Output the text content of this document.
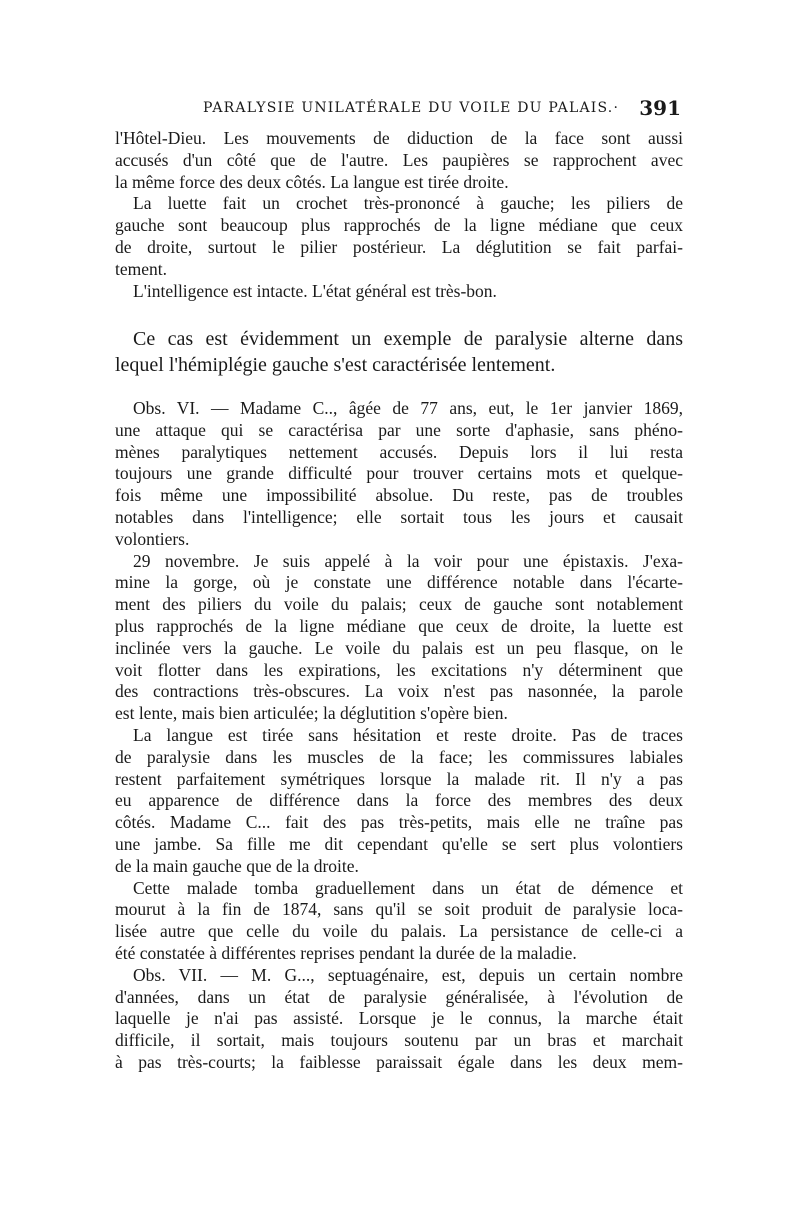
PARALYSIE UNILATÉRALE DU VOILE DU PALAIS.· 391
l'Hôtel-Dieu. Les mouvements de diduction de la face sont aussi
accusés d'un côté que de l'autre. Les paupières se rapprochent avec
la même force des deux côtés. La langue est tirée droite.
La luette fait un crochet très-prononcé à gauche; les piliers de
gauche sont beaucoup plus rapprochés de la ligne médiane que ceux
de droite, surtout le pilier postérieur. La déglutition se fait parfai-
tement.
L'intelligence est intacte. L'état général est très-bon.
Ce cas est évidemment un exemple de paralysie alterne dans
lequel l'hémiplégie gauche s'est caractérisée lentement.
Obs. VI. — Madame C.., âgée de 77 ans, eut, le 1er janvier 1869,
une attaque qui se caractérisa par une sorte d'aphasie, sans phéno-
mènes paralytiques nettement accusés. Depuis lors il lui resta
toujours une grande difficulté pour trouver certains mots et quelque-
fois même une impossibilité absolue. Du reste, pas de troubles
notables dans l'intelligence; elle sortait tous les jours et causait
volontiers.
29 novembre. Je suis appelé à la voir pour une épistaxis. J'exa-
mine la gorge, où je constate une différence notable dans l'écarte-
ment des piliers du voile du palais; ceux de gauche sont notablement
plus rapprochés de la ligne médiane que ceux de droite, la luette est
inclinée vers la gauche. Le voile du palais est un peu flasque, on le
voit flotter dans les expirations, les excitations n'y déterminent que
des contractions très-obscures. La voix n'est pas nasonnée, la parole
est lente, mais bien articulée; la déglutition s'opère bien.
La langue est tirée sans hésitation et reste droite. Pas de traces
de paralysie dans les muscles de la face; les commissures labiales
restent parfaitement symétriques lorsque la malade rit. Il n'y a pas
eu apparence de différence dans la force des membres des deux
côtés. Madame C... fait des pas très-petits, mais elle ne traîne pas
une jambe. Sa fille me dit cependant qu'elle se sert plus volontiers
de la main gauche que de la droite.
Cette malade tomba graduellement dans un état de démence et
mourut à la fin de 1874, sans qu'il se soit produit de paralysie loca-
lisée autre que celle du voile du palais. La persistance de celle-ci a
été constatée à différentes reprises pendant la durée de la maladie.
Obs. VII. — M. G..., septuagénaire, est, depuis un certain nombre
d'années, dans un état de paralysie généralisée, à l'évolution de
laquelle je n'ai pas assisté. Lorsque je le connus, la marche était
difficile, il sortait, mais toujours soutenu par un bras et marchait
à pas très-courts; la faiblesse paraissait égale dans les deux mem-
